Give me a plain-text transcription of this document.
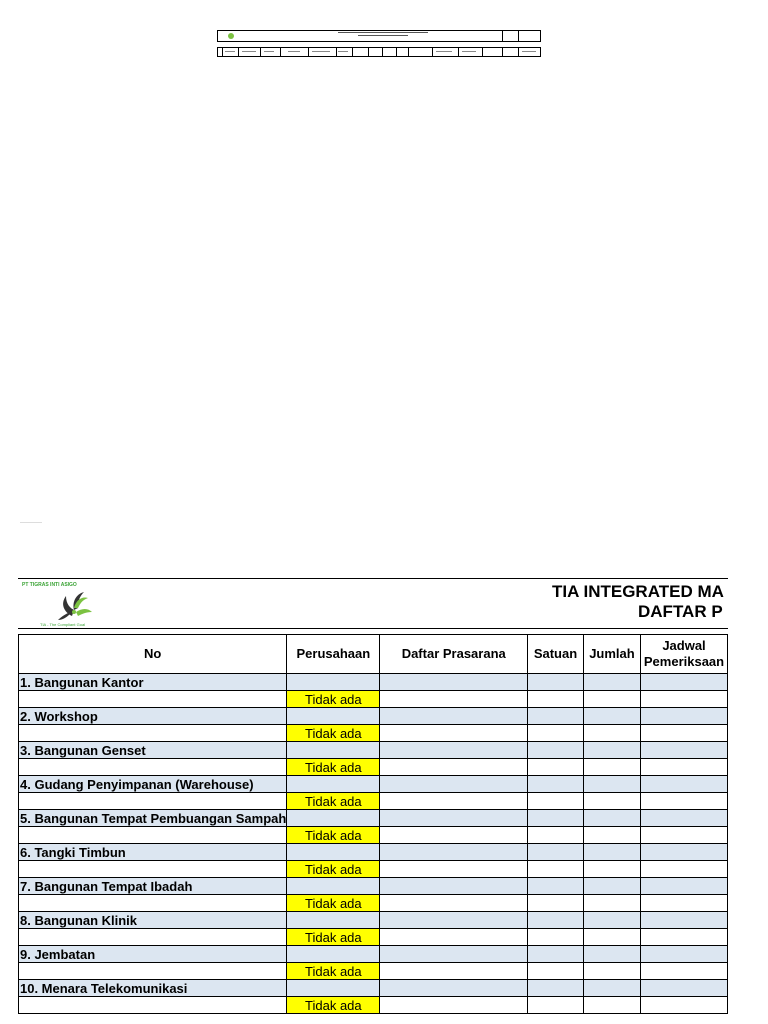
PT TIGRAS INTI ASIGO
TIA - The Compliant Goal
TIA INTEGRATED MA
DAFTAR P
No	Perusahaan	Daftar Prasarana	Satuan	Jumlah	Jadwal Pemeriksaan
1. Bangunan Kantor					
	Tidak ada				
2. Workshop					
	Tidak ada				
3. Bangunan Genset					
	Tidak ada				
4. Gudang Penyimpanan (Warehouse)					
	Tidak ada				
5. Bangunan Tempat Pembuangan Sampah					
	Tidak ada				
6. Tangki Timbun					
	Tidak ada				
7. Bangunan Tempat Ibadah					
	Tidak ada				
8. Bangunan Klinik					
	Tidak ada				
9. Jembatan					
	Tidak ada				
10. Menara Telekomunikasi					
	Tidak ada				
